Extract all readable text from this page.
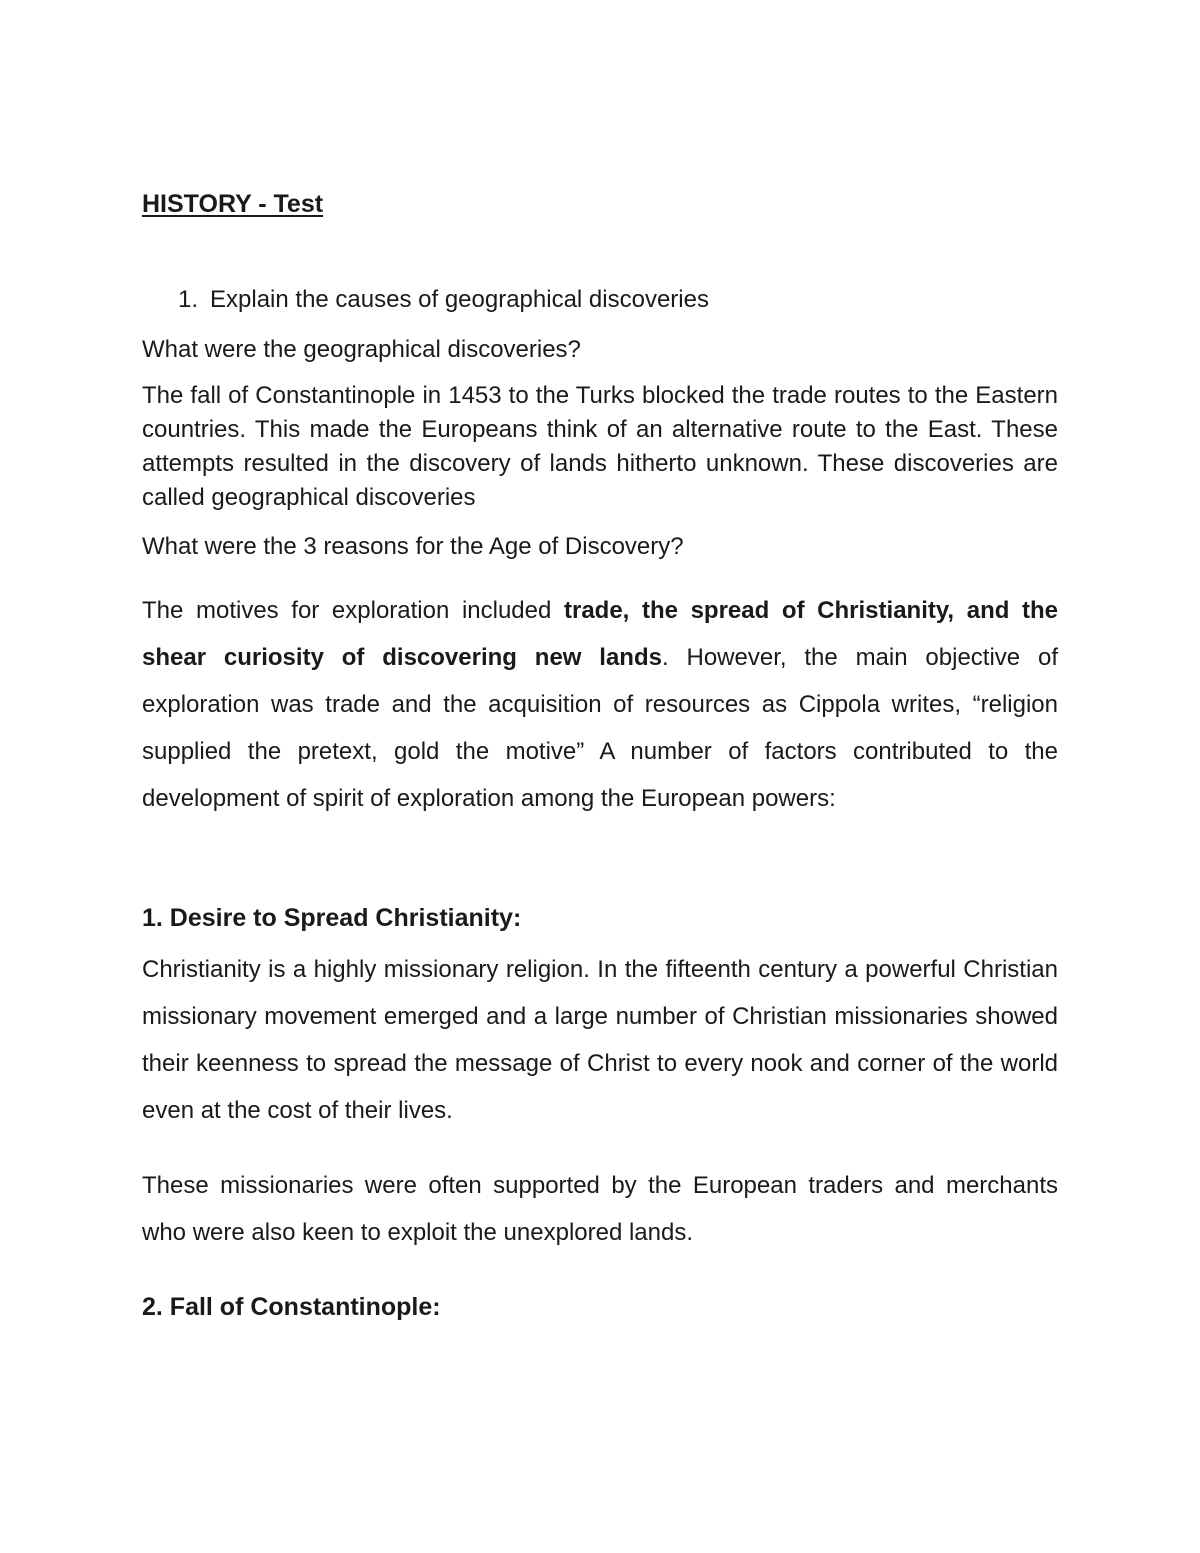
HISTORY - Test

1. Explain the causes of geographical discoveries

What were the geographical discoveries?

The fall of Constantinople in 1453 to the Turks blocked the trade routes to the Eastern countries. This made the Europeans think of an alternative route to the East. These attempts resulted in the discovery of lands hitherto unknown. These discoveries are called geographical discoveries

What were the 3 reasons for the Age of Discovery?

The motives for exploration included trade, the spread of Christianity, and the shear curiosity of discovering new lands. However, the main objective of exploration was trade and the acquisition of resources as Cippola writes, “religion supplied the pretext, gold the motive” A number of factors contributed to the development of spirit of exploration among the European powers:

1. Desire to Spread Christianity:

Christianity is a highly missionary religion. In the fifteenth century a powerful Christian missionary movement emerged and a large number of Christian missionaries showed their keenness to spread the message of Christ to every nook and corner of the world even at the cost of their lives.

These missionaries were often supported by the European traders and merchants who were also keen to exploit the unexplored lands.

2. Fall of Constantinople:
